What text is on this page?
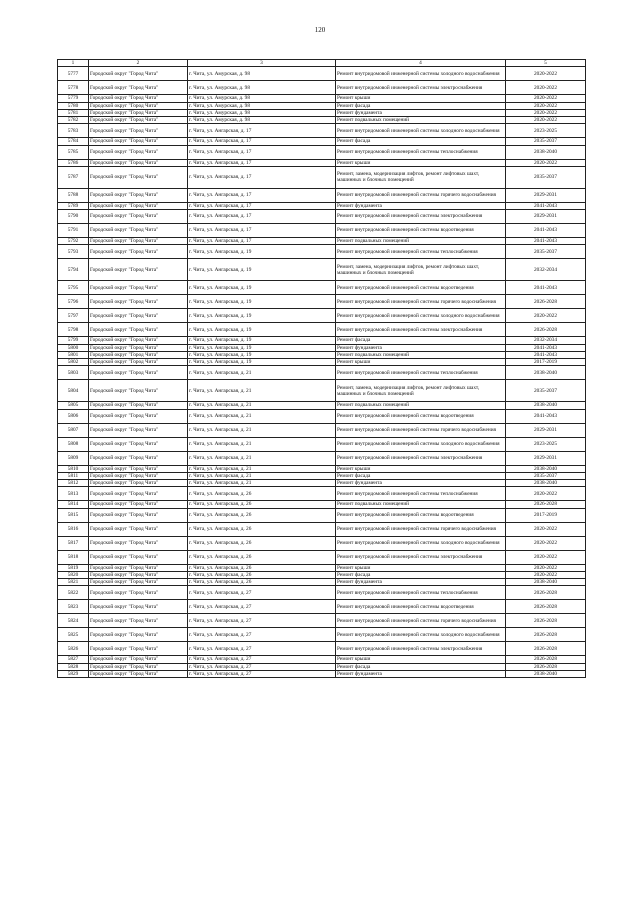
120
1	2	3	4	5
5777	Городской округ "Город Чита"	г. Чита, ул. Амурская, д. 98	Ремонт внутридомовой инженерной системы холодного водоснабжения	2020-2022
5778	Городской округ "Город Чита"	г. Чита, ул. Амурская, д. 98	Ремонт внутридомовой инженерной системы электроснабжения	2020-2022
5779	Городской округ "Город Чита"	г. Чита, ул. Амурская, д. 98	Ремонт крыши	2020-2022
5780	Городской округ "Город Чита"	г. Чита, ул. Амурская, д. 98	Ремонт фасада	2020-2022
5781	Городской округ "Город Чита"	г. Чита, ул. Амурская, д. 98	Ремонт фундамента	2020-2022
5782	Городской округ "Город Чита"	г. Чита, ул. Амурская, д. 98	Ремонт подвальных помещений	2020-2022
5783	Городской округ "Город Чита"	г. Чита, ул. Ангарская, д. 17	Ремонт внутридомовой инженерной системы холодного водоснабжения	2023-2025
5784	Городской округ "Город Чита"	г. Чита, ул. Ангарская, д. 17	Ремонт фасада	2035-2037
5785	Городской округ "Город Чита"	г. Чита, ул. Ангарская, д. 17	Ремонт внутридомовой инженерной системы теплоснабжения	2038-2040
5786	Городской округ "Город Чита"	г. Чита, ул. Ангарская, д. 17	Ремонт крыши	2020-2022
5787	Городской округ "Город Чита"	г. Чита, ул. Ангарская, д. 17	Ремонт, замена, модернизация лифтов, ремонт лифтовых шахт, машинных и блочных помещений	2035-2037
5788	Городской округ "Город Чита"	г. Чита, ул. Ангарская, д. 17	Ремонт внутридомовой инженерной системы горячего водоснабжения	2029-2031
5789	Городской округ "Город Чита"	г. Чита, ул. Ангарская, д. 17	Ремонт фундамента	2041-2043
5790	Городской округ "Город Чита"	г. Чита, ул. Ангарская, д. 17	Ремонт внутридомовой инженерной системы электроснабжения	2029-2031
5791	Городской округ "Город Чита"	г. Чита, ул. Ангарская, д. 17	Ремонт внутридомовой инженерной системы водоотведения	2041-2043
5792	Городской округ "Город Чита"	г. Чита, ул. Ангарская, д. 17	Ремонт подвальных помещений	2041-2043
5793	Городской округ "Город Чита"	г. Чита, ул. Ангарская, д. 19	Ремонт внутридомовой инженерной системы теплоснабжения	2035-2037
5794	Городской округ "Город Чита"	г. Чита, ул. Ангарская, д. 19	Ремонт, замена, модернизация лифтов, ремонт лифтовых шахт, машинных и блочных помещений	2032-2034
5795	Городской округ "Город Чита"	г. Чита, ул. Ангарская, д. 19	Ремонт внутридомовой инженерной системы водоотведения	2041-2043
5796	Городской округ "Город Чита"	г. Чита, ул. Ангарская, д. 19	Ремонт внутридомовой инженерной системы горячего водоснабжения	2026-2028
5797	Городской округ "Город Чита"	г. Чита, ул. Ангарская, д. 19	Ремонт внутридомовой инженерной системы холодного водоснабжения	2020-2022
5798	Городской округ "Город Чита"	г. Чита, ул. Ангарская, д. 19	Ремонт внутридомовой инженерной системы электроснабжения	2026-2028
5799	Городской округ "Город Чита"	г. Чита, ул. Ангарская, д. 19	Ремонт фасада	2032-2034
5800	Городской округ "Город Чита"	г. Чита, ул. Ангарская, д. 19	Ремонт фундамента	2041-2043
5801	Городской округ "Город Чита"	г. Чита, ул. Ангарская, д. 19	Ремонт подвальных помещений	2041-2043
5802	Городской округ "Город Чита"	г. Чита, ул. Ангарская, д. 19	Ремонт крыши	2017-2019
5803	Городской округ "Город Чита"	г. Чита, ул. Ангарская, д. 21	Ремонт внутридомовой инженерной системы теплоснабжения	2038-2040
5804	Городской округ "Город Чита"	г. Чита, ул. Ангарская, д. 21	Ремонт, замена, модернизация лифтов, ремонт лифтовых шахт, машинных и блочных помещений	2035-2037
5805	Городской округ "Город Чита"	г. Чита, ул. Ангарская, д. 21	Ремонт подвальных помещений	2038-2040
5806	Городской округ "Город Чита"	г. Чита, ул. Ангарская, д. 21	Ремонт внутридомовой инженерной системы водоотведения	2041-2043
5807	Городской округ "Город Чита"	г. Чита, ул. Ангарская, д. 21	Ремонт внутридомовой инженерной системы горячего водоснабжения	2029-2031
5808	Городской округ "Город Чита"	г. Чита, ул. Ангарская, д. 21	Ремонт внутридомовой инженерной системы холодного водоснабжения	2023-2025
5809	Городской округ "Город Чита"	г. Чита, ул. Ангарская, д. 21	Ремонт внутридомовой инженерной системы электроснабжения	2029-2031
5810	Городской округ "Город Чита"	г. Чита, ул. Ангарская, д. 21	Ремонт крыши	2038-2040
5811	Городской округ "Город Чита"	г. Чита, ул. Ангарская, д. 21	Ремонт фасада	2035-2037
5812	Городской округ "Город Чита"	г. Чита, ул. Ангарская, д. 21	Ремонт фундамента	2038-2040
5813	Городской округ "Город Чита"	г. Чита, ул. Ангарская, д. 26	Ремонт внутридомовой инженерной системы теплоснабжения	2020-2022
5814	Городской округ "Город Чита"	г. Чита, ул. Ангарская, д. 26	Ремонт подвальных помещений	2026-2028
5815	Городской округ "Город Чита"	г. Чита, ул. Ангарская, д. 26	Ремонт внутридомовой инженерной системы водоотведения	2017-2019
5816	Городской округ "Город Чита"	г. Чита, ул. Ангарская, д. 26	Ремонт внутридомовой инженерной системы горячего водоснабжения	2020-2022
5817	Городской округ "Город Чита"	г. Чита, ул. Ангарская, д. 26	Ремонт внутридомовой инженерной системы холодного водоснабжения	2020-2022
5818	Городской округ "Город Чита"	г. Чита, ул. Ангарская, д. 26	Ремонт внутридомовой инженерной системы электроснабжения	2020-2022
5819	Городской округ "Город Чита"	г. Чита, ул. Ангарская, д. 26	Ремонт крыши	2020-2022
5820	Городской округ "Город Чита"	г. Чита, ул. Ангарская, д. 26	Ремонт фасада	2020-2022
5821	Городской округ "Город Чита"	г. Чита, ул. Ангарская, д. 26	Ремонт фундамента	2038-2040
5822	Городской округ "Город Чита"	г. Чита, ул. Ангарская, д. 27	Ремонт внутридомовой инженерной системы теплоснабжения	2026-2028
5823	Городской округ "Город Чита"	г. Чита, ул. Ангарская, д. 27	Ремонт внутридомовой инженерной системы водоотведения	2026-2028
5824	Городской округ "Город Чита"	г. Чита, ул. Ангарская, д. 27	Ремонт внутридомовой инженерной системы горячего водоснабжения	2026-2028
5825	Городской округ "Город Чита"	г. Чита, ул. Ангарская, д. 27	Ремонт внутридомовой инженерной системы холодного водоснабжения	2026-2028
5826	Городской округ "Город Чита"	г. Чита, ул. Ангарская, д. 27	Ремонт внутридомовой инженерной системы электроснабжения	2026-2028
5827	Городской округ "Город Чита"	г. Чита, ул. Ангарская, д. 27	Ремонт крыши	2026-2028
5828	Городской округ "Город Чита"	г. Чита, ул. Ангарская, д. 27	Ремонт фасада	2026-2028
5829	Городской округ "Город Чита"	г. Чита, ул. Ангарская, д. 27	Ремонт фундамента	2038-2040
